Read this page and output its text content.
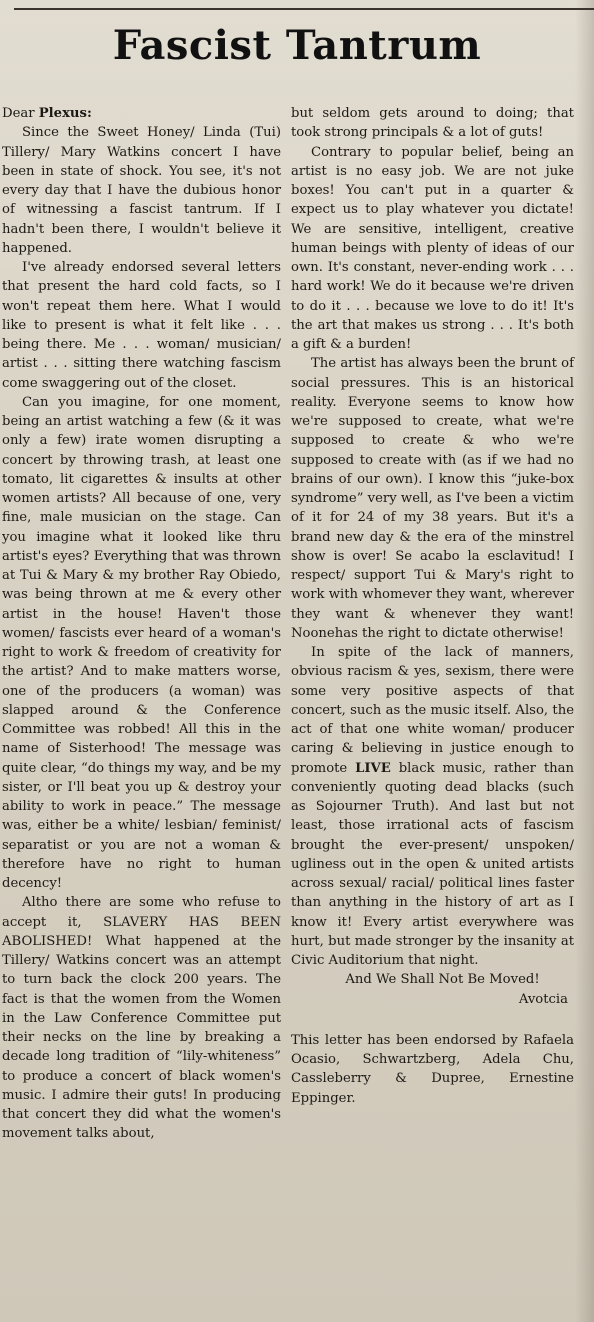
Fascist Tantrum

Dear Plexus:

Since the Sweet Honey/ Linda (Tui) Tillery/ Mary Watkins concert I have been in state of shock. You see, it's not every day that I have the dubious honor of witnessing a fascist tantrum. If I hadn't been there, I wouldn't believe it happened.

I've already endorsed several letters that present the hard cold facts, so I won't repeat them here. What I would like to present is what it felt like . . . being there. Me . . . woman/ musician/ artist . . . sitting there watching fascism come swaggering out of the closet.

Can you imagine, for one moment, being an artist watching a few (& it was only a few) irate women disrupting a concert by throwing trash, at least one tomato, lit cigarettes & insults at other women artists? All because of one, very fine, male musician on the stage. Can you imagine what it looked like thru artist's eyes? Everything that was thrown at Tui & Mary & my brother Ray Obiedo, was being thrown at me & every other artist in the house! Haven't those women/ fascists ever heard of a woman's right to work & freedom of creativity for the artist? And to make matters worse, one of the producers (a woman) was slapped around & the Conference Committee was robbed! All this in the name of Sisterhood! The message was quite clear, “do things my way, and be my sister, or I'll beat you up & destroy your ability to work in peace.” The message was, either be a white/ lesbian/ feminist/ separatist or you are not a woman & therefore have no right to human decency!

Altho there are some who refuse to accept it, SLAVERY HAS BEEN ABOLISHED! What happened at the Tillery/ Watkins concert was an attempt to turn back the clock 200 years. The fact is that the women from the Women in the Law Conference Committee put their necks on the line by breaking a decade long tradition of “lily-whiteness” to produce a concert of black women's music. I admire their guts! In producing that concert they did what the women's movement talks about,

but seldom gets around to doing; that took strong principals & a lot of guts!

Contrary to popular belief, being an artist is no easy job. We are not juke boxes! You can't put in a quarter & expect us to play whatever you dictate! We are sensitive, intelligent, creative human beings with plenty of ideas of our own. It's constant, never-ending work . . . hard work! We do it because we're driven to do it . . . because we love to do it! It's the art that makes us strong . . . It's both a gift & a burden!

The artist has always been the brunt of social pressures. This is an historical reality. Everyone seems to know how we're supposed to create, what we're supposed to create & who we're supposed to create with (as if we had no brains of our own). I know this “juke-box syndrome” very well, as I've been a victim of it for 24 of my 38 years. But it's a brand new day & the era of the minstrel show is over! Se acabo la esclavitud! I respect/ support Tui & Mary's right to work with whomever they want, wherever they want & whenever they want! Noonehas the right to dictate otherwise!

In spite of the lack of manners, obvious racism & yes, sexism, there were some very positive aspects of that concert, such as the music itself. Also, the act of that one white woman/ producer caring & believing in justice enough to promote LIVE black music, rather than conveniently quoting dead blacks (such as Sojourner Truth). And last but not least, those irrational acts of fascism brought the ever-present/ unspoken/ ugliness out in the open & united artists across sexual/ racial/ political lines faster than anything in the history of art as I know it! Every artist everywhere was hurt, but made stronger by the insanity at Civic Auditorium that night.

And We Shall Not Be Moved!

Avotcia

This letter has been endorsed by Rafaela Ocasio, Schwartzberg, Adela Chu, Cassleberry & Dupree, Ernestine Eppinger.
